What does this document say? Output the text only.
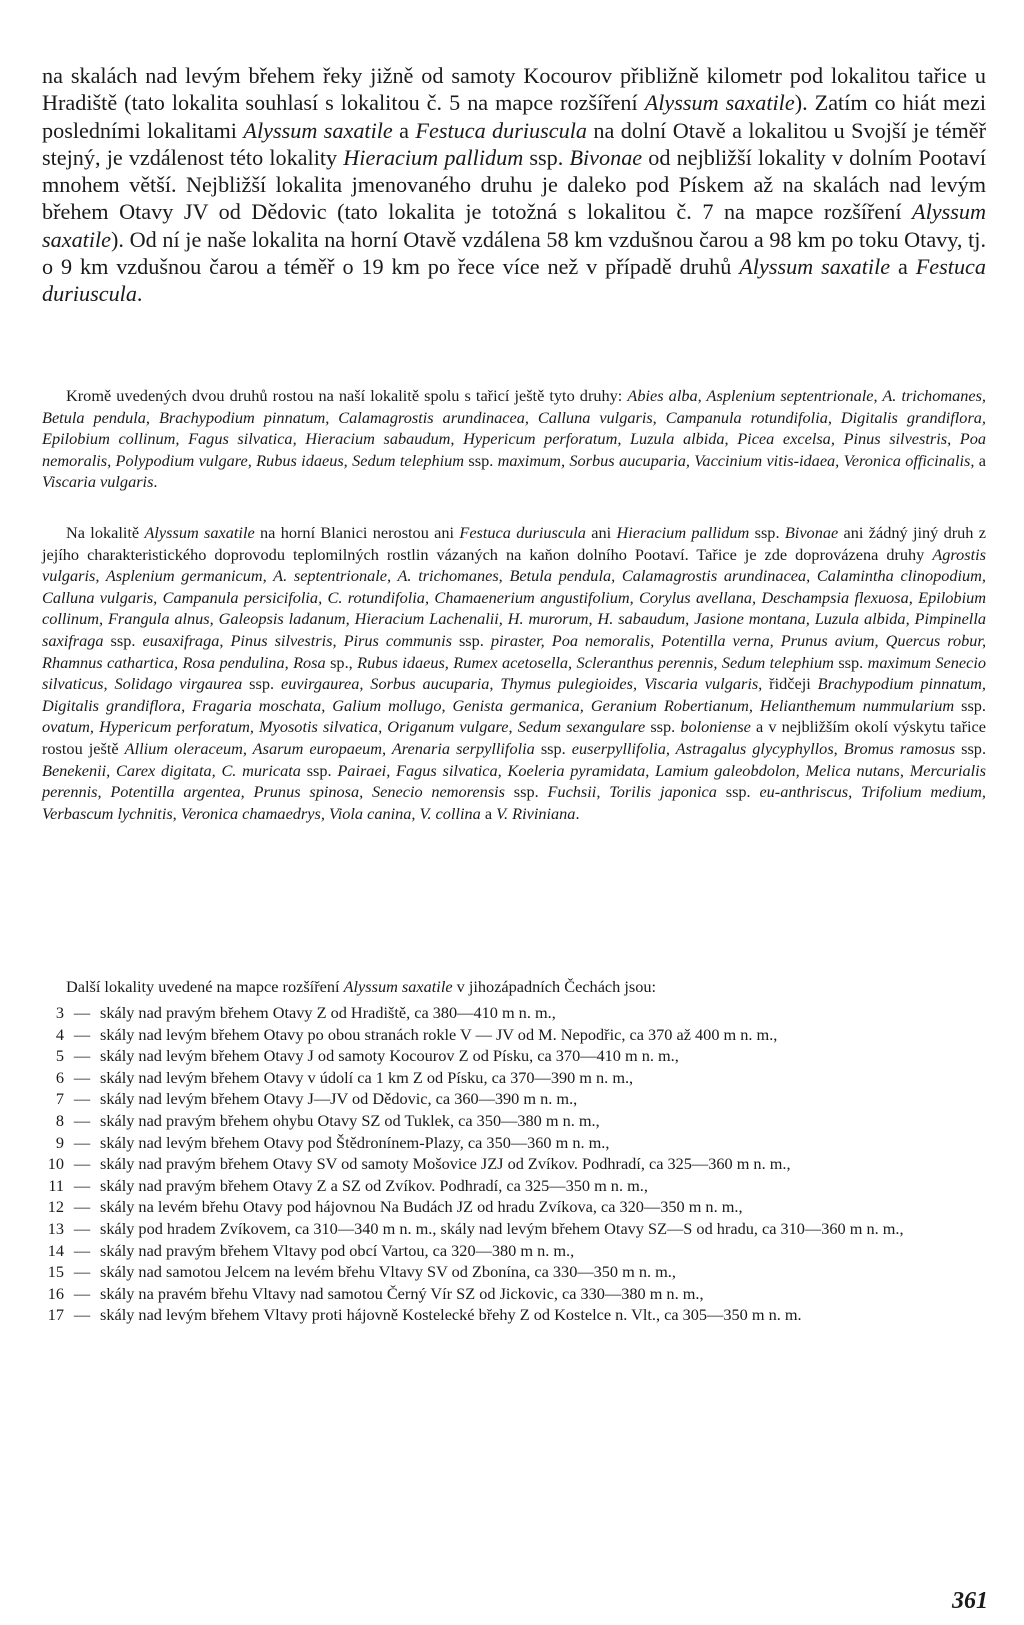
na skalách nad levým břehem řeky jižně od samoty Kocourov přibližně kilometr pod lokalitou tařice u Hradiště (tato lokalita souhlasí s lokalitou č. 5 na mapce rozšíření Alyssum saxatile). Zatím co hiát mezi posledními lokalitami Alyssum saxatile a Festuca duriuscula na dolní Otavě a lokalitou u Svojší je téměř stejný, je vzdálenost této lokality Hieracium pallidum ssp. Bivonae od nejbližší lokality v dolním Pootaví mnohem větší. Nejbližší lokalita jmenovaného druhu je daleko pod Pískem až na skalách nad levým břehem Otavy JV od Dědovic (tato lokalita je totožná s lokalitou č. 7 na mapce rozšíření Alyssum saxatile). Od ní je naše lokalita na horní Otavě vzdálena 58 km vzdušnou čarou a 98 km po toku Otavy, tj. o 9 km vzdušnou čarou a téměř o 19 km po řece více než v případě druhů Alyssum saxatile a Festuca duriuscula.

Kromě uvedených dvou druhů rostou na naší lokalitě spolu s tařicí ještě tyto druhy: Abies alba, Asplenium septentrionale, A. trichomanes, Betula pendula, Brachypodium pinnatum, Calamagrostis arundinacea, Calluna vulgaris, Campanula rotundifolia, Digitalis grandiflora, Epilobium collinum, Fagus silvatica, Hieracium sabaudum, Hypericum perforatum, Luzula albida, Picea excelsa, Pinus silvestris, Poa nemoralis, Polypodium vulgare, Rubus idaeus, Sedum telephium ssp. maximum, Sorbus aucuparia, Vaccinium vitis-idaea, Veronica officinalis, a Viscaria vulgaris.

Na lokalitě Alyssum saxatile na horní Blanici nerostou ani Festuca duriuscula ani Hieracium pallidum ssp. Bivonae ani žádný jiný druh z jejího charakteristického doprovodu teplomilných rostlin vázaných na kaňon dolního Pootaví. Tařice je zde doprovázena druhy Agrostis vulgaris, Asplenium germanicum, A. septentrionale, A. trichomanes, Betula pendula, Calamagrostis arundinacea, Calamintha clinopodium, Calluna vulgaris, Campanula persicifolia, C. rotundifolia, Chamaenerium angustifolium, Corylus avellana, Deschampsia flexuosa, Epilobium collinum, Frangula alnus, Galeopsis ladanum, Hieracium Lachenalii, H. murorum, H. sabaudum, Jasione montana, Luzula albida, Pimpinella saxifraga ssp. eusaxifraga, Pinus silvestris, Pirus communis ssp. piraster, Poa nemoralis, Potentilla verna, Prunus avium, Quercus robur, Rhamnus cathartica, Rosa pendulina, Rosa sp., Rubus idaeus, Rumex acetosella, Scleranthus perennis, Sedum telephium ssp. maximum Senecio silvaticus, Solidago virgaurea ssp. euvirgaurea, Sorbus aucuparia, Thymus pulegioides, Viscaria vulgaris, řidčeji Brachypodium pinnatum, Digitalis grandiflora, Fragaria moschata, Galium mollugo, Genista germanica, Geranium Robertianum, Helianthemum nummularium ssp. ovatum, Hypericum perforatum, Myosotis silvatica, Origanum vulgare, Sedum sexangulare ssp. boloniense a v nejbližším okolí výskytu tařice rostou ještě Allium oleraceum, Asarum europaeum, Arenaria serpyllifolia ssp. euserpyllifolia, Astragalus glycyphyllos, Bromus ramosus ssp. Benekenii, Carex digitata, C. muricata ssp. Pairaei, Fagus silvatica, Koeleria pyramidata, Lamium galeobdolon, Melica nutans, Mercurialis perennis, Potentilla argentea, Prunus spinosa, Senecio nemorensis ssp. Fuchsii, Torilis japonica ssp. eu-anthriscus, Trifolium medium, Verbascum lychnitis, Veronica chamaedrys, Viola canina, V. collina a V. Riviniana.

Další lokality uvedené na mapce rozšíření Alyssum saxatile v jihozápadních Čechách jsou:

3 — skály nad pravým břehem Otavy Z od Hradiště, ca 380—410 m n. m.,
4 — skály nad levým břehem Otavy po obou stranách rokle V — JV od M. Nepodřic, ca 370 až 400 m n. m.,
5 — skály nad levým břehem Otavy J od samoty Kocourov Z od Písku, ca 370—410 m n. m.,
6 — skály nad levým břehem Otavy v údolí ca 1 km Z od Písku, ca 370—390 m n. m.,
7 — skály nad levým břehem Otavy J—JV od Dědovic, ca 360—390 m n. m.,
8 — skály nad pravým břehem ohybu Otavy SZ od Tuklek, ca 350—380 m n. m.,
9 — skály nad levým břehem Otavy pod Štědronínem-Plazy, ca 350—360 m n. m.,
10 — skály nad pravým břehem Otavy SV od samoty Mošovice JZJ od Zvíkov. Podhradí, ca 325—360 m n. m.,
11 — skály nad pravým břehem Otavy Z a SZ od Zvíkov. Podhradí, ca 325—350 m n. m.,
12 — skály na levém břehu Otavy pod hájovnou Na Budách JZ od hradu Zvíkova, ca 320—350 m n. m.,
13 — skály pod hradem Zvíkovem, ca 310—340 m n. m., skály nad levým břehem Otavy SZ—S od hradu, ca 310—360 m n. m.,
14 — skály nad pravým břehem Vltavy pod obcí Vartou, ca 320—380 m n. m.,
15 — skály nad samotou Jelcem na levém břehu Vltavy SV od Zbonína, ca 330—350 m n. m.,
16 — skály na pravém břehu Vltavy nad samotou Černý Vír SZ od Jickovic, ca 330—380 m n. m.,
17 — skály nad levým břehem Vltavy proti hájovně Kostelecké břehy Z od Kostelce n. Vlt., ca 305—350 m n. m.
361
